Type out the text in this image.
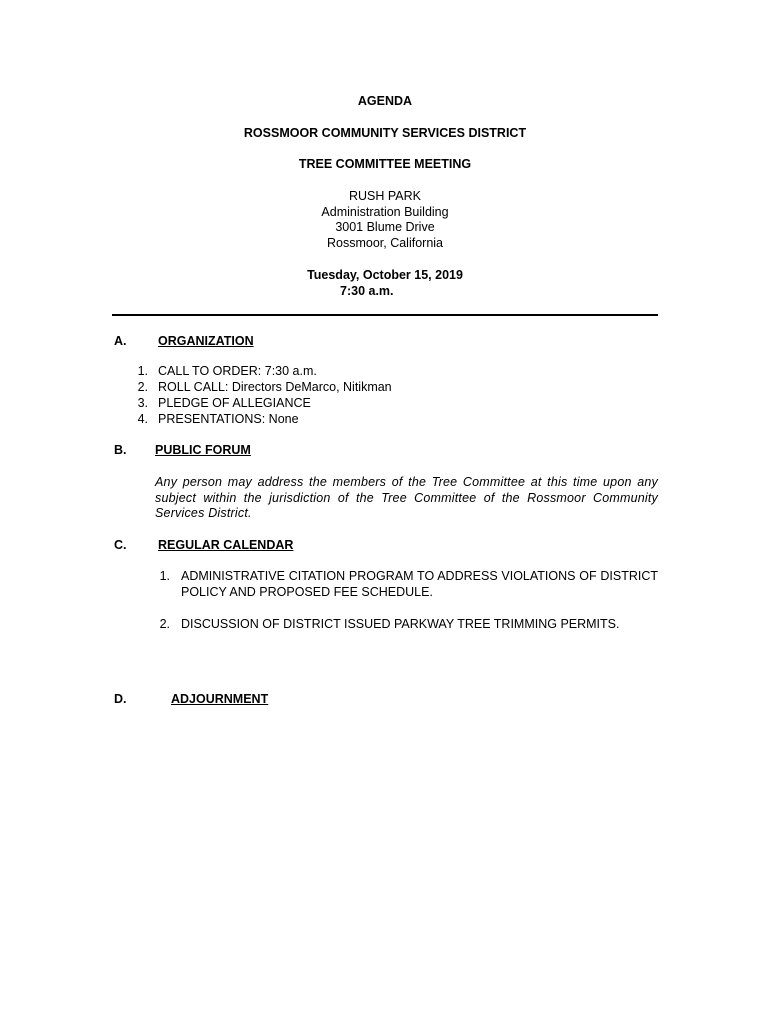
AGENDA
ROSSMOOR COMMUNITY SERVICES DISTRICT
TREE COMMITTEE MEETING
RUSH PARK
Administration Building
3001 Blume Drive
Rossmoor, California
Tuesday, October 15, 2019
7:30 a.m.
A.	ORGANIZATION
1. CALL TO ORDER: 7:30 a.m.
2. ROLL CALL: Directors DeMarco, Nitikman
3. PLEDGE OF ALLEGIANCE
4. PRESENTATIONS: None
B. PUBLIC FORUM
Any person may address the members of the Tree Committee at this time upon any subject within the jurisdiction of the Tree Committee of the Rossmoor Community Services District.
C.	REGULAR CALENDAR
1. ADMINISTRATIVE CITATION PROGRAM TO ADDRESS VIOLATIONS OF DISTRICT POLICY AND PROPOSED FEE SCHEDULE.
2. DISCUSSION OF DISTRICT ISSUED PARKWAY TREE TRIMMING PERMITS.
D.	ADJOURNMENT
